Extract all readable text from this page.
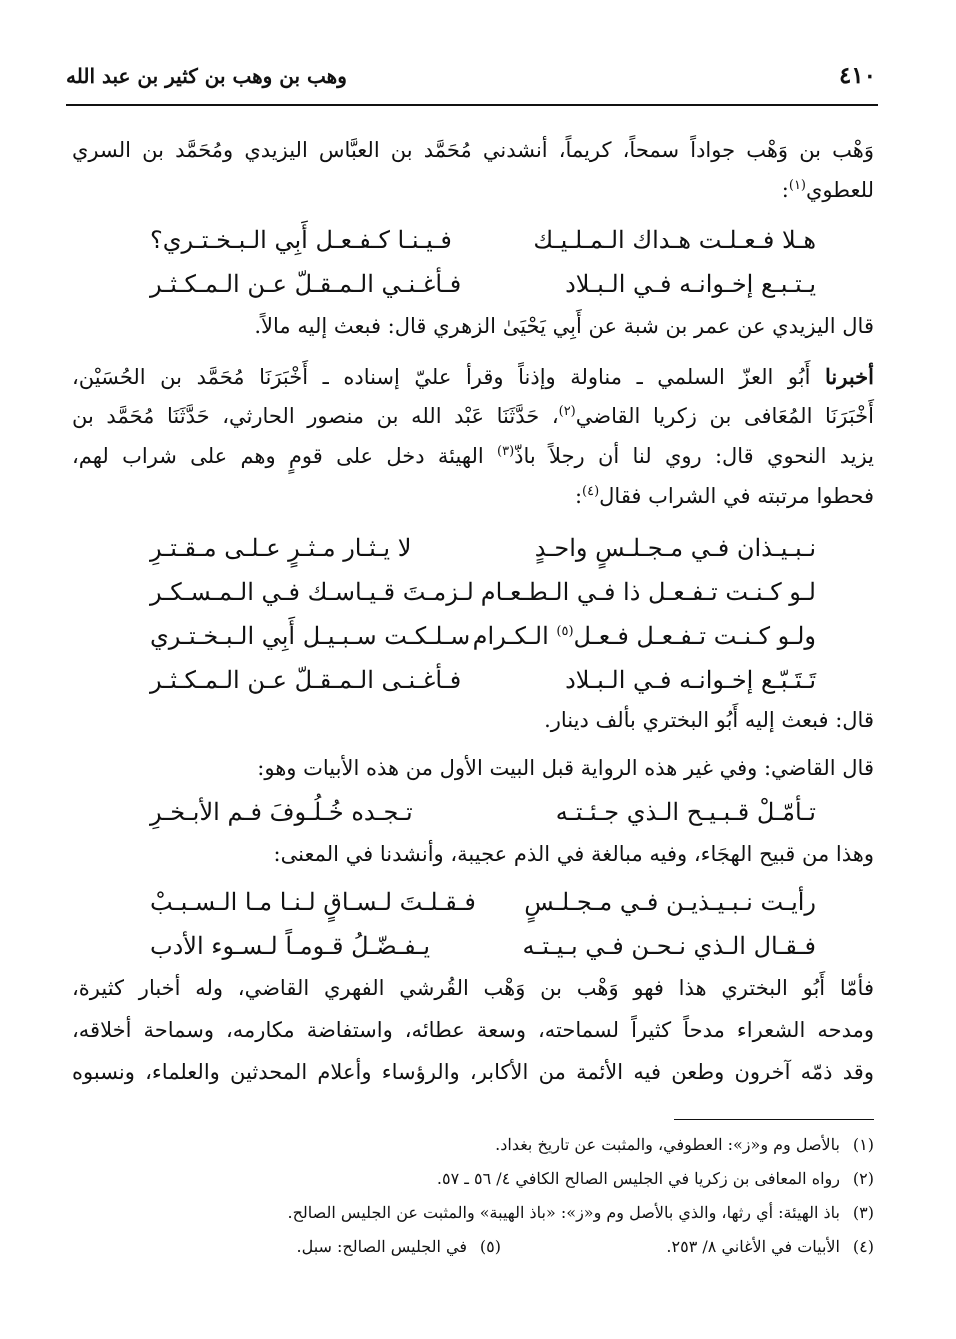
٤١٠
وهب بن وهب بن كثير بن عبد الله
وَهْب بن وَهْب جواداً سمحاً، كريماً، أنشدني مُحَمَّد بن العبَّاس اليزيدي ومُحَمَّد بن السري
للعطوي$^{(١)}$:
هـلا فـعـلـت هـداك الـمـلـيـك
فـيـنـا كـفـعـل أَبِي الـبـخـتـري؟
يـتـبـع إخـوانـه فـي الـبـلاد
فـأغـنـي الـمـقـلّ عـن الـمـكـثـر
قال اليزيدي عن عمر بن شبة عن أَبِي يَحْيَىٰ الزهري قال: فبعث إليه مالاً.
أخبرنا أَبُو العزّ السلمي ـ مناولة وإذناً وقرأ عليّ إسناده ـ أَخْبَرَنَا مُحَمَّد بن الحُسَيْن،
أَخْبَرَنَا المُعَافى بن زكريا القاضي$^{(٢)}$، حَدَّثَنَا عَبْد الله بن منصور الحارثي، حَدَّثَنَا مُحَمَّد بن
يزيد النحوي قال: روي لنا أن رجلاً باذّ$^{(٣)}$ الهيئة دخل على قومٍ وهم على شراب لهم،
فحطوا مرتبته في الشراب فقال$^{(٤)}$:
نـبـيـذان فـي مـجـلـسٍ واحـدٍ
لا يـثـار مـثـرٍ عـلـى مـقـتـرِ
لـو كـنـت تـفـعـل ذا فـي الـطـعـام
لـزمـتَ قـيـاسـك فـي الـمـسـكـر
ولـو كـنـت تـفـعـل فـعـل$^{(٥)}$ الـكـرام
سـلـكـت سـبـيـل أَبِي الـبـخـتـري
تَـتَـبّـع إخـوانـه فـي الـبـلاد
فـأغـنـى الـمـقـلّ عـن الـمـكـثـر
قال: فبعث إليه أَبُو البختري بألف دينار.
قال القاضي: وفي غير هذه الرواية قبل البيت الأول من هذه الأبيات وهو:
تـأمّـلْ قـبـيـح الـذي جـئـتـه
تـجـده خُـلُـوفَ فـم الأبـخـرِ
وهذا من قبيح الهجَاء، وفيه مبالغة في الذم عجيبة، وأنشدنا في المعنى:
رأيـت نـبـيـذيـن فـي مـجـلـسٍ
فـقـلـتَ لـسـاقٍ لـنـا مـا الـسـبـبْ
فـقـال الـذي نـحـن فـي بـيـتـه
يـفـضّـلُ قـومـاً لـسـوء الأدب
فأمّا أَبُو البختري هذا فهو وَهْب بن وَهْب القُرشي الفهري القاضي، وله أخبار كثيرة،
ومدحه الشعراء مدحاً كثيراً لسماحته، وسعة عطائه، واستفاضة مكارمه، وسماحة أخلاقه،
وقد ذمّه آخرون وطعن فيه الأئمة من الأكابر، والرؤساء وأعلام المحدثين والعلماء، ونسبوه
(١)بالأصل وم و«ز»: العطوفي، والمثبت عن تاريخ بغداد.
(٢)رواه المعافى بن زكريا في الجليس الصالح الكافي ٤/ ٥٦ ـ ٥٧.
(٣)باذ الهيئة: أي رثها، والذي بالأصل وم و«ز»: «باذ الهيبة» والمثبت عن الجليس الصالح.
(٤)الأبيات في الأغاني ٨/ ٢٥٣.
(٥)في الجليس الصالح: سبل.
